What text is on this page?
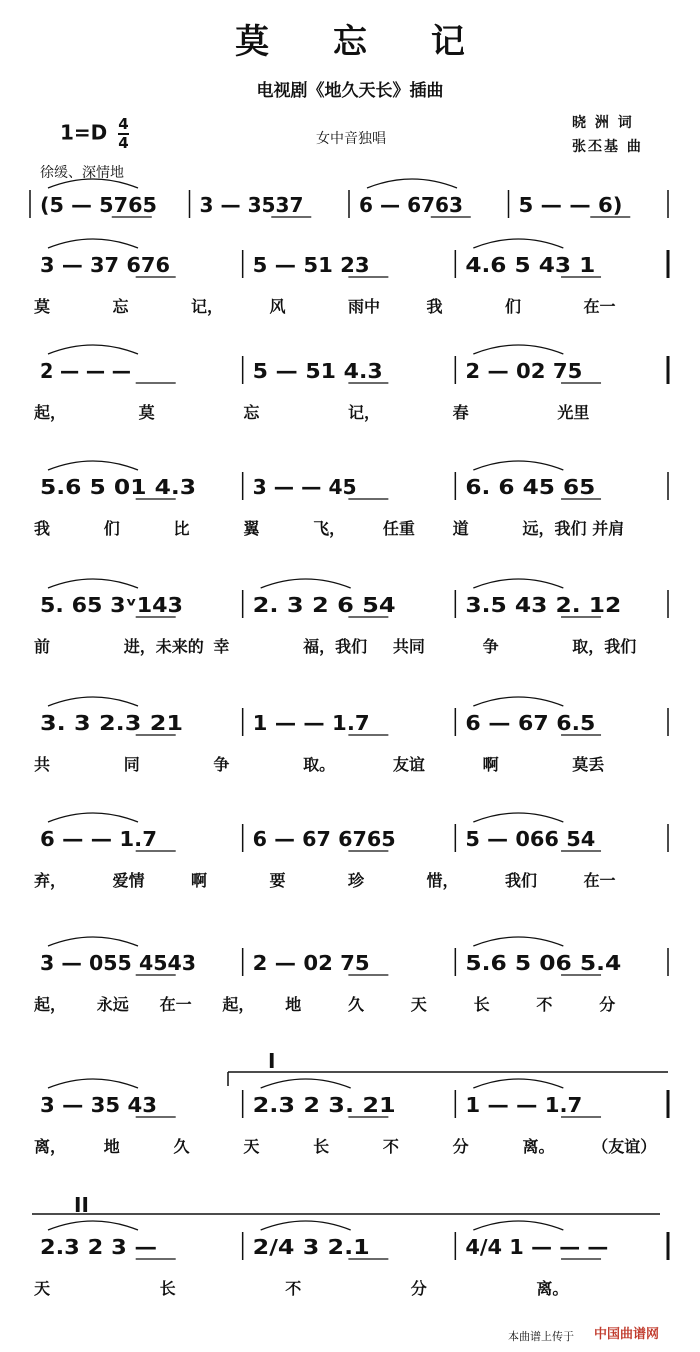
莫 忘 记
电视剧《地久天长》插曲
$1=D \frac{4}{4}$	女中音独唱
晓 洲 词
张丕基 曲
徐缓、深情地
(5 — 5765 3 — 3537	6 — 6763	5 — — 6)
3 — 37 676	5 — 51 23	4.6 5 43 1
莫	忘	记，	风	雨中	我	们	在一
2 — — —	5 — 51 4.3	2 — 02 75
起，	莫	忘	记，	春	光里
5.6 5 01 4.3	3 — — 45	6. 6 45 65
我	们	比	翼	飞， 任重 道	远，我们 并肩
5. 65 3ᵛ143	2. 3 2 6 54	3.5 43 2. 12
前	进，未来的 幸	福，我们 共同	争	取，我们
3. 3 2.3 21	1 — — 1.7	6 — 67 6.5
共	同	争	取。	友谊	啊	莫丢
6 — — 1.7	6 — 67 6765	5 — 066 54
弃，	爱情	啊	要	珍	惜，	我们	在一
3 — 055 4543	2 — 02 75	5.6 5 06 5.4
起， 永远 在一 起， 地	久	天	长	不	分
3 — 35 43	2.3 2 3. 21	1 — — 1.7
离， 地	久	天	长	不	分	离。 （友谊）
2.3 2 3 —	2/4 3 2.1	4/4 1 — — —
天	长	不	分	离。
I
II
本曲谱上传于 中国曲谱网
